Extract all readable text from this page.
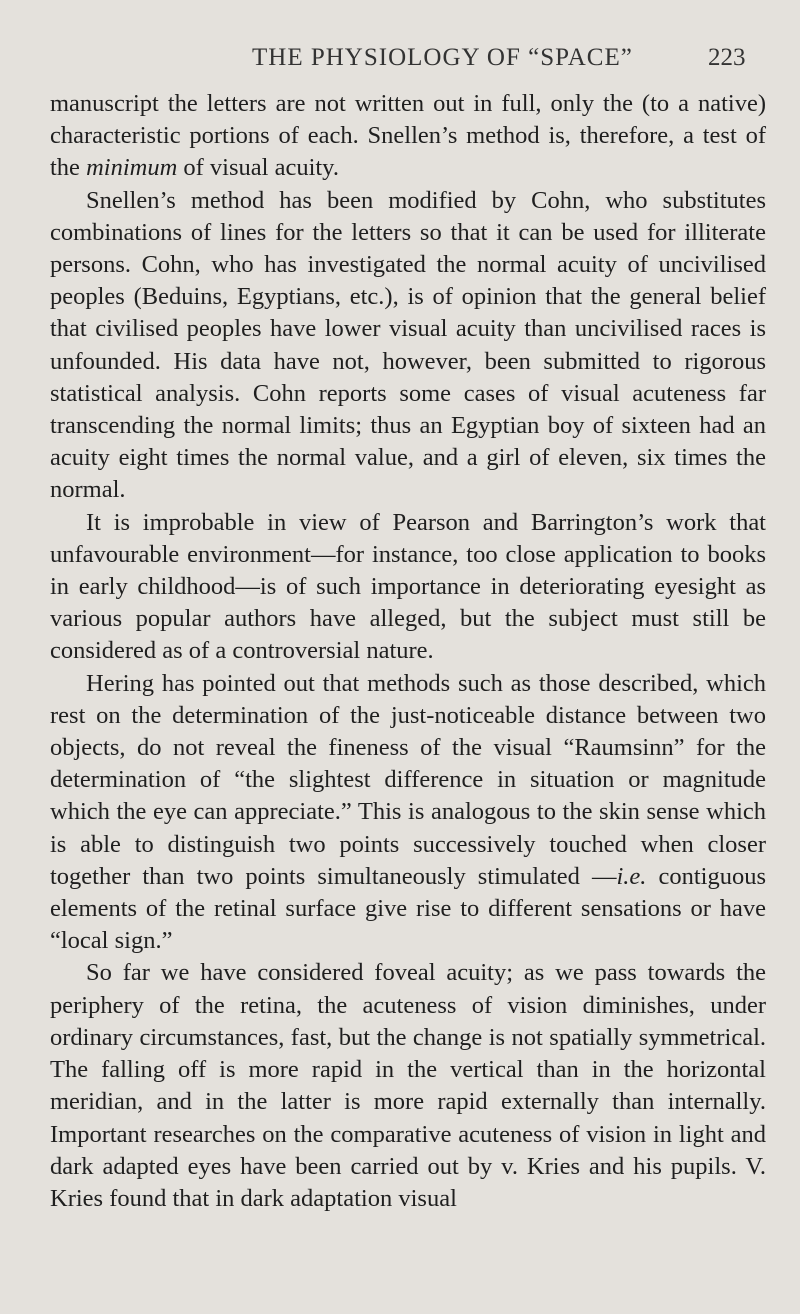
THE PHYSIOLOGY OF “SPACE”	223

manuscript the letters are not written out in full, only the (to a native) characteristic portions of each. Snellen’s method is, therefore, a test of the minimum of visual acuity.

Snellen’s method has been modified by Cohn, who substitutes combinations of lines for the letters so that it can be used for illiterate persons. Cohn, who has investigated the normal acuity of uncivilised peoples (Beduins, Egyptians, etc.), is of opinion that the general belief that civilised peoples have lower visual acuity than uncivilised races is unfounded. His data have not, however, been submitted to rigorous statistical analysis. Cohn reports some cases of visual acuteness far transcending the normal limits; thus an Egyptian boy of sixteen had an acuity eight times the normal value, and a girl of eleven, six times the normal.

It is improbable in view of Pearson and Barrington’s work that unfavourable environment—for instance, too close application to books in early childhood—is of such importance in deteriorating eyesight as various popular authors have alleged, but the subject must still be considered as of a controversial nature.

Hering has pointed out that methods such as those described, which rest on the determination of the just-noticeable distance between two objects, do not reveal the fineness of the visual “Raumsinn” for the determination of “the slightest difference in situation or magnitude which the eye can appreciate.” This is analogous to the skin sense which is able to distinguish two points successively touched when closer together than two points simultaneously stimulated —i.e. contiguous elements of the retinal surface give rise to different sensations or have “local sign.”

So far we have considered foveal acuity; as we pass towards the periphery of the retina, the acuteness of vision diminishes, under ordinary circumstances, fast, but the change is not spatially symmetrical. The falling off is more rapid in the vertical than in the horizontal meridian, and in the latter is more rapid externally than internally. Important researches on the comparative acuteness of vision in light and dark adapted eyes have been carried out by v. Kries and his pupils. V. Kries found that in dark adaptation visual
